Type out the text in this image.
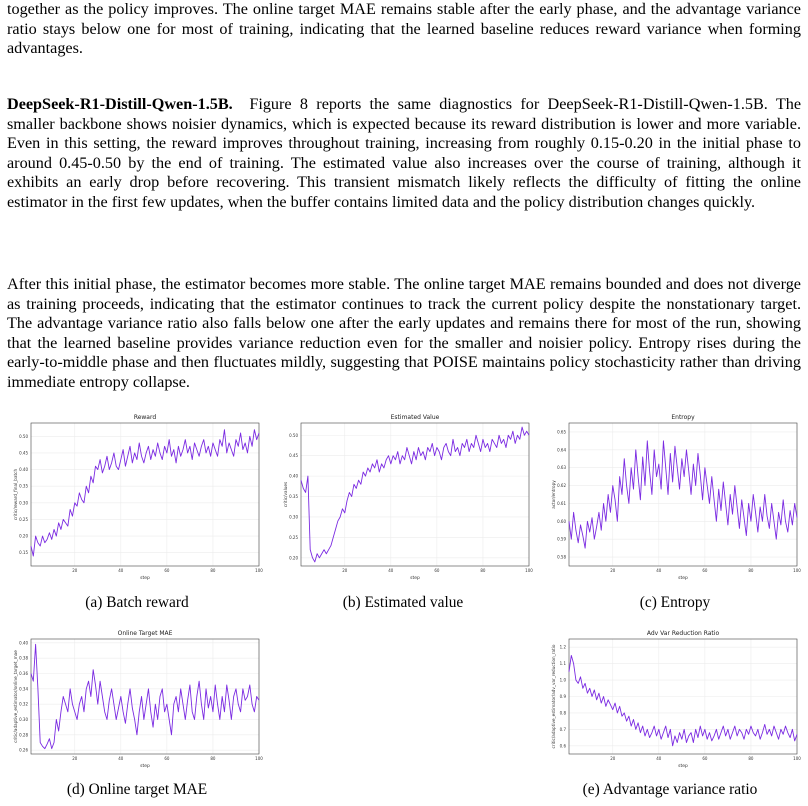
together as the policy improves. The online target MAE remains stable after the early phase, and the advantage variance ratio stays below one for most of training, indicating that the learned baseline reduces reward variance when forming advantages.

DeepSeek-R1-Distill-Qwen-1.5B. Figure 8 reports the same diagnostics for DeepSeek-R1-Distill-Qwen-1.5B. The smaller backbone shows noisier dynamics, which is expected because its reward distribution is lower and more variable. Even in this setting, the reward improves throughout training, increasing from roughly 0.15-0.20 in the initial phase to around 0.45-0.50 by the end of training. The estimated value also increases over the course of training, although it exhibits an early drop before recovering. This transient mismatch likely reflects the difficulty of fitting the online estimator in the first few updates, when the buffer contains limited data and the policy distribution changes quickly.

After this initial phase, the estimator becomes more stable. The online target MAE remains bounded and does not diverge as training proceeds, indicating that the estimator continues to track the current policy despite the nonstationary target. The advantage variance ratio also falls below one after the early updates and remains there for most of the run, showing that the learned baseline provides variance reduction even for the smaller and noisier policy. Entropy rises during the early-to-middle phase and then fluctuates mildly, suggesting that POISE maintains policy stochasticity rather than driving immediate entropy collapse.

Reward
0.15
0.20
0.25
0.30
0.35
0.40
0.45
0.50
20	40	60	80	100
step
critic/reward_final_batch
Estimated Value
0.20
0.25
0.30
0.35
0.40
0.45
0.50
20	40	60	80	100
step
critic/values
Entropy
0.58
0.59
0.60
0.61
0.62
0.63
0.64
0.65
20	40	60	80	100
step
actor/entropy
Online Target MAE
0.26
0.28
0.30
0.32
0.34
0.36
0.38
0.40
20	40	60	80	100
step
critic/adaptive_estimator/online_target_mae
Adv Var Reduction Ratio
0.6
0.7
0.8
0.9
1.0
1.1
1.2
20	40	60	80	100
step
critic/adaptive_estimator/adv_var_reduction_ratio
(a) Batch reward	(b) Estimated value	(c) Entropy
(d) Online target MAE	(e) Advantage variance ratio
